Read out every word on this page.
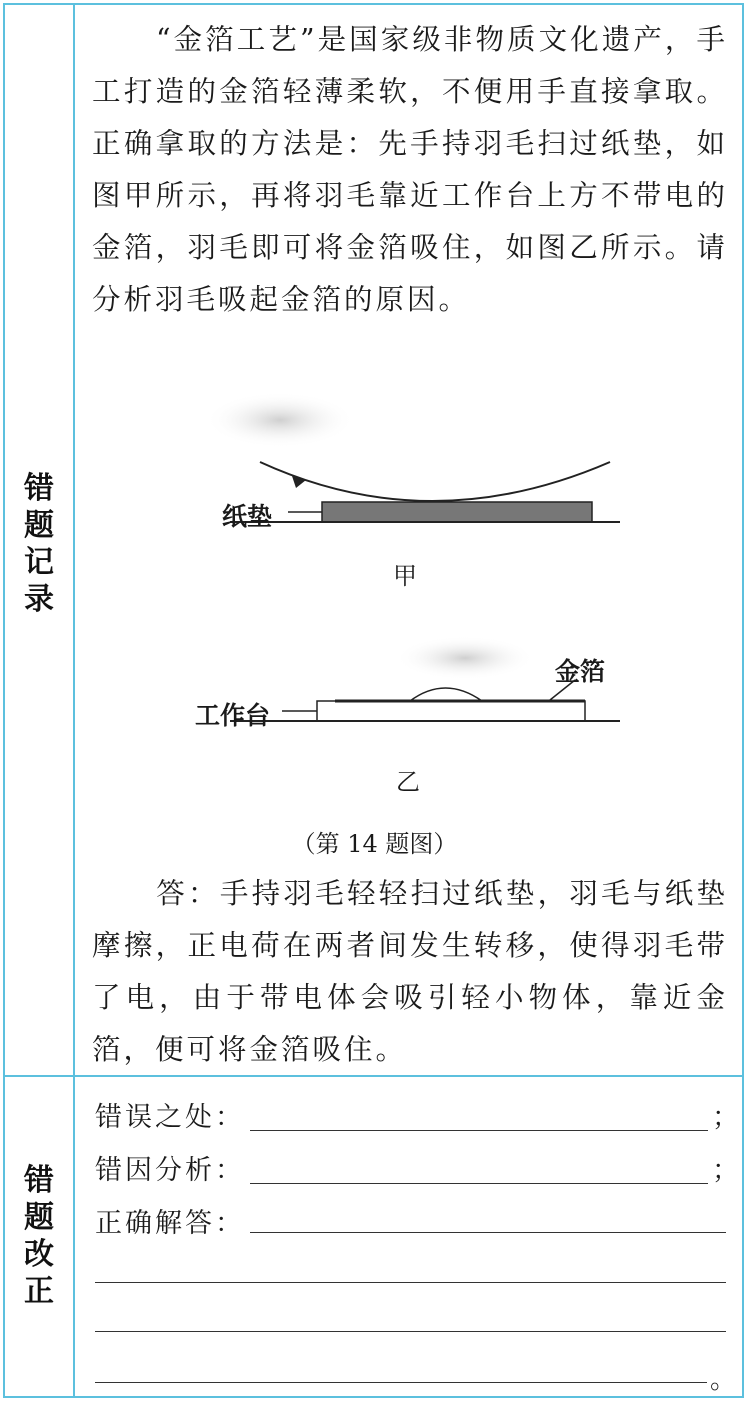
错
题
记
录
错
题
改
正

“金箔工艺”是国家级非物质文化遗产，手工打造的金箔轻薄柔软，不便用手直接拿取。正确拿取的方法是：先手持羽毛扫过纸垫，如图甲所示，再将羽毛靠近工作台上方不带电的金箔，羽毛即可将金箔吸住，如图乙所示。请分析羽毛吸起金箔的原因。

纸垫
甲
工作台
金箔
乙
（第 14 题图）

答：手持羽毛轻轻扫过纸垫，羽毛与纸垫摩擦，正电荷在两者间发生转移，使得羽毛带了电，由于带电体会吸引轻小物体，靠近金箔，便可将金箔吸住。

错误之处：	；
错因分析：	；
正确解答：
。
